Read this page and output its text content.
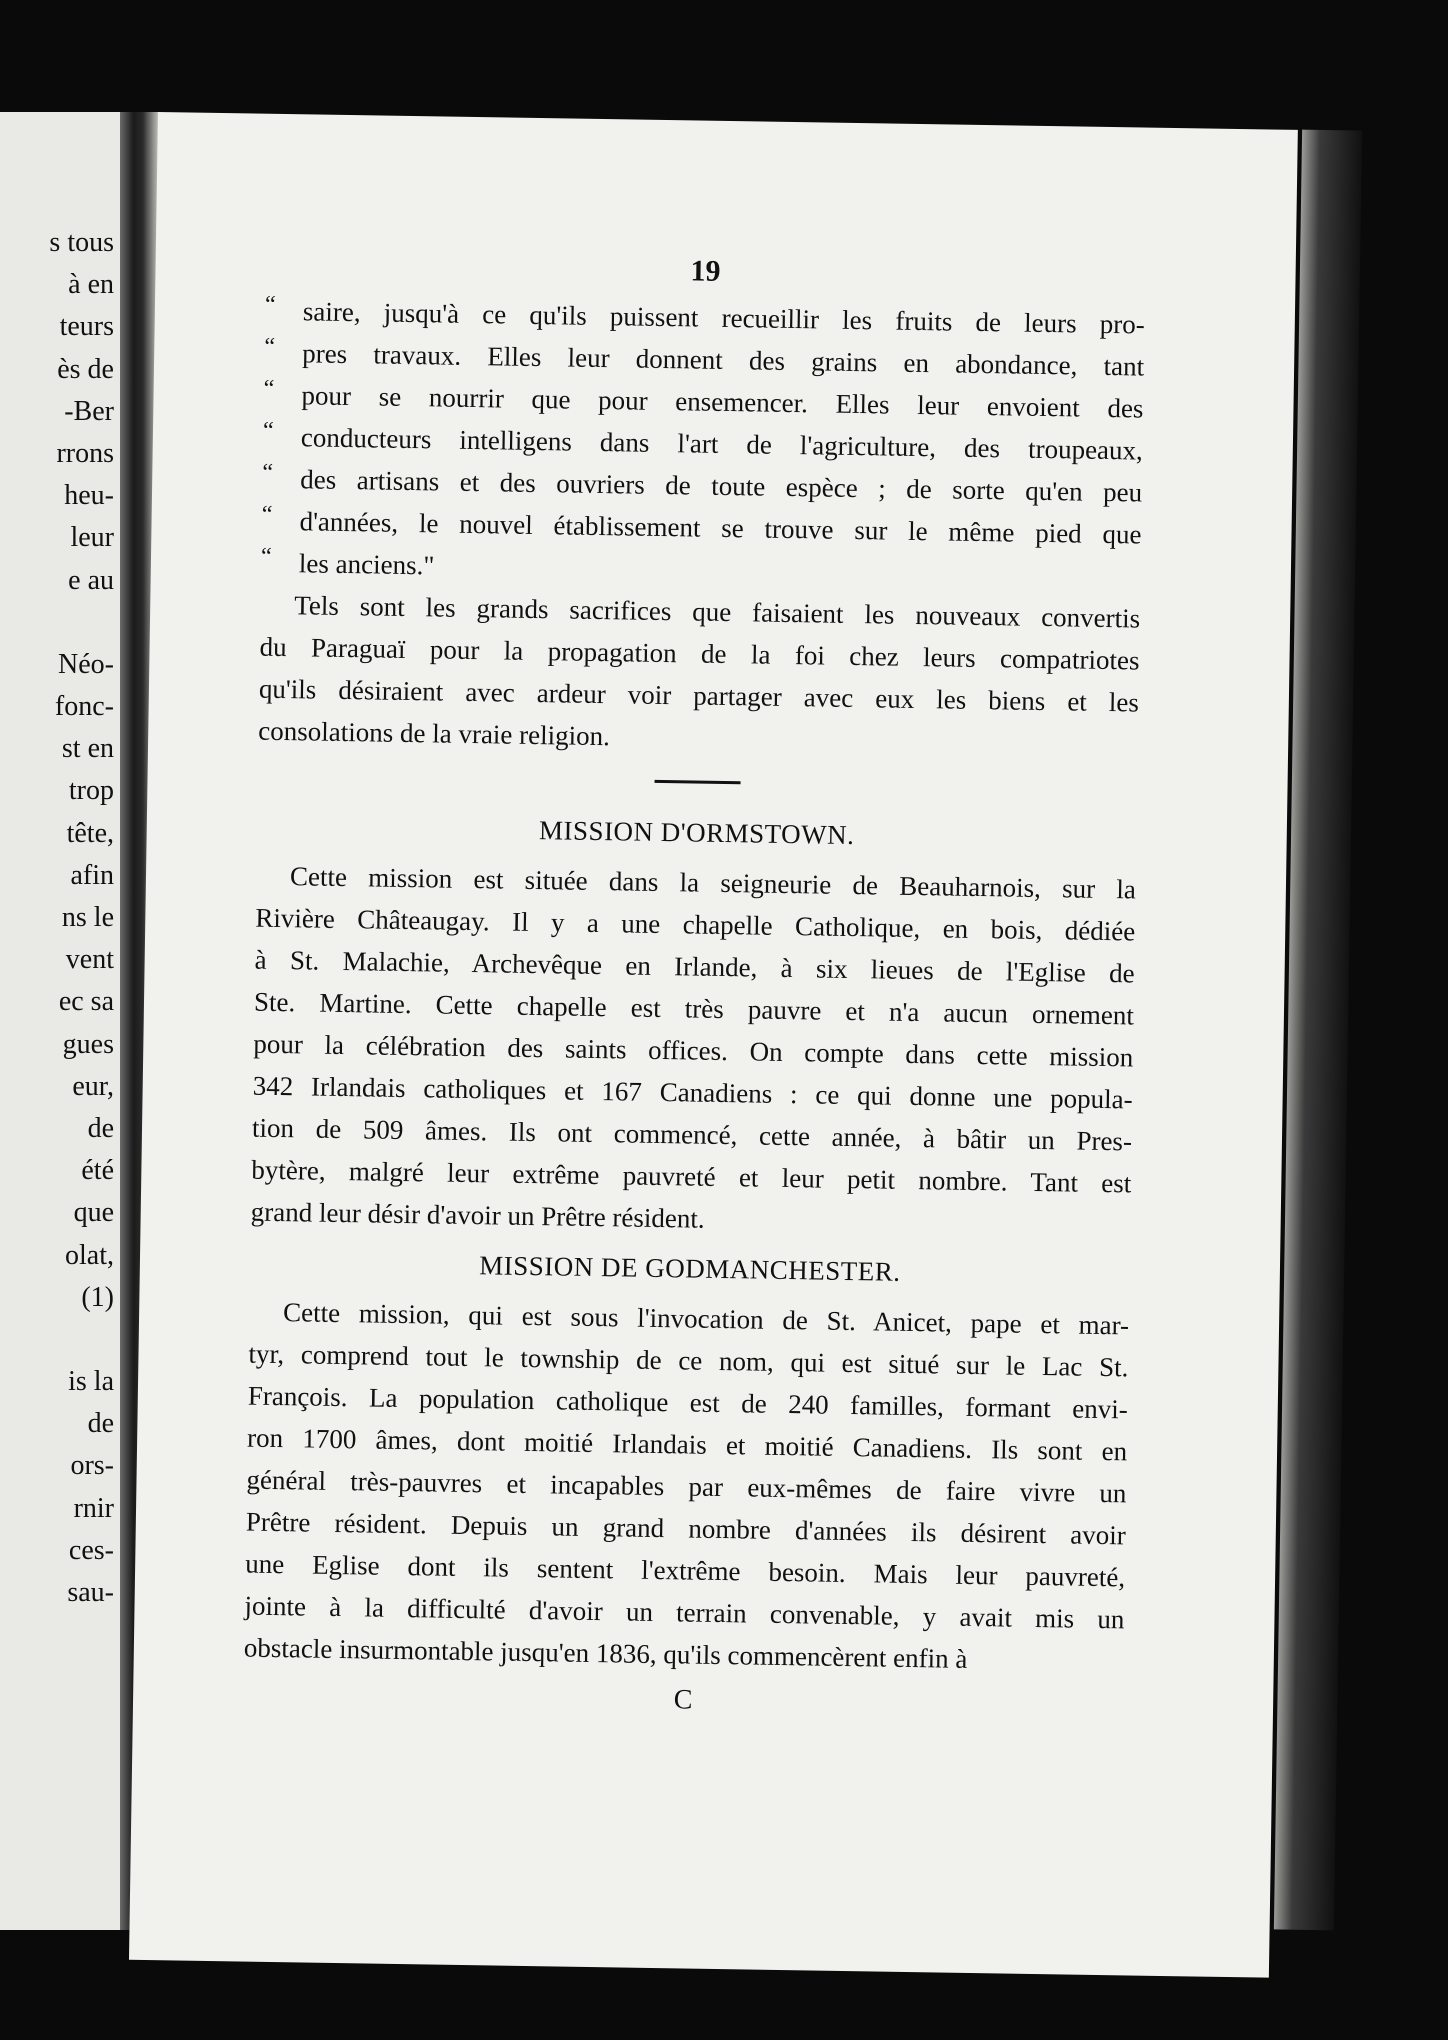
s tous
à en
teurs
ès de
-Ber
rrons
heu-
leur
e au
Néo-
fonc-
st en
trop
tête,
afin
ns le
vent
ec sa
gues
eur,
de
été
que
olat,
(1)
is la
de
ors-
rnir
ces-
sau-
19
“ saire, jusqu'à ce qu'ils puissent recueillir les fruits de leurs pro-
“ pres travaux. Elles leur donnent des grains en abondance, tant
“ pour se nourrir que pour ensemencer. Elles leur envoient des
“ conducteurs intelligens dans l'art de l'agriculture, des troupeaux,
“ des artisans et des ouvriers de toute espèce ; de sorte qu'en peu
“ d'années, le nouvel établissement se trouve sur le même pied que
“ les anciens."
Tels sont les grands sacrifices que faisaient les nouveaux convertis
du Paraguaï pour la propagation de la foi chez leurs compatriotes
qu'ils désiraient avec ardeur voir partager avec eux les biens et les
consolations de la vraie religion.
MISSION D'ORMSTOWN.
Cette mission est située dans la seigneurie de Beauharnois, sur la
Rivière Châteaugay. Il y a une chapelle Catholique, en bois, dédiée
à St. Malachie, Archevêque en Irlande, à six lieues de l'Eglise de
Ste. Martine. Cette chapelle est très pauvre et n'a aucun ornement
pour la célébration des saints offices. On compte dans cette mission
342 Irlandais catholiques et 167 Canadiens : ce qui donne une popula-
tion de 509 âmes. Ils ont commencé, cette année, à bâtir un Pres-
bytère, malgré leur extrême pauvreté et leur petit nombre. Tant est
grand leur désir d'avoir un Prêtre résident.
MISSION DE GODMANCHESTER.
Cette mission, qui est sous l'invocation de St. Anicet, pape et mar-
tyr, comprend tout le township de ce nom, qui est situé sur le Lac St.
François. La population catholique est de 240 familles, formant envi-
ron 1700 âmes, dont moitié Irlandais et moitié Canadiens. Ils sont en
général très-pauvres et incapables par eux-mêmes de faire vivre un
Prêtre résident. Depuis un grand nombre d'années ils désirent avoir
une Eglise dont ils sentent l'extrême besoin. Mais leur pauvreté,
jointe à la difficulté d'avoir un terrain convenable, y avait mis un
obstacle insurmontable jusqu'en 1836, qu'ils commencèrent enfin à
C
